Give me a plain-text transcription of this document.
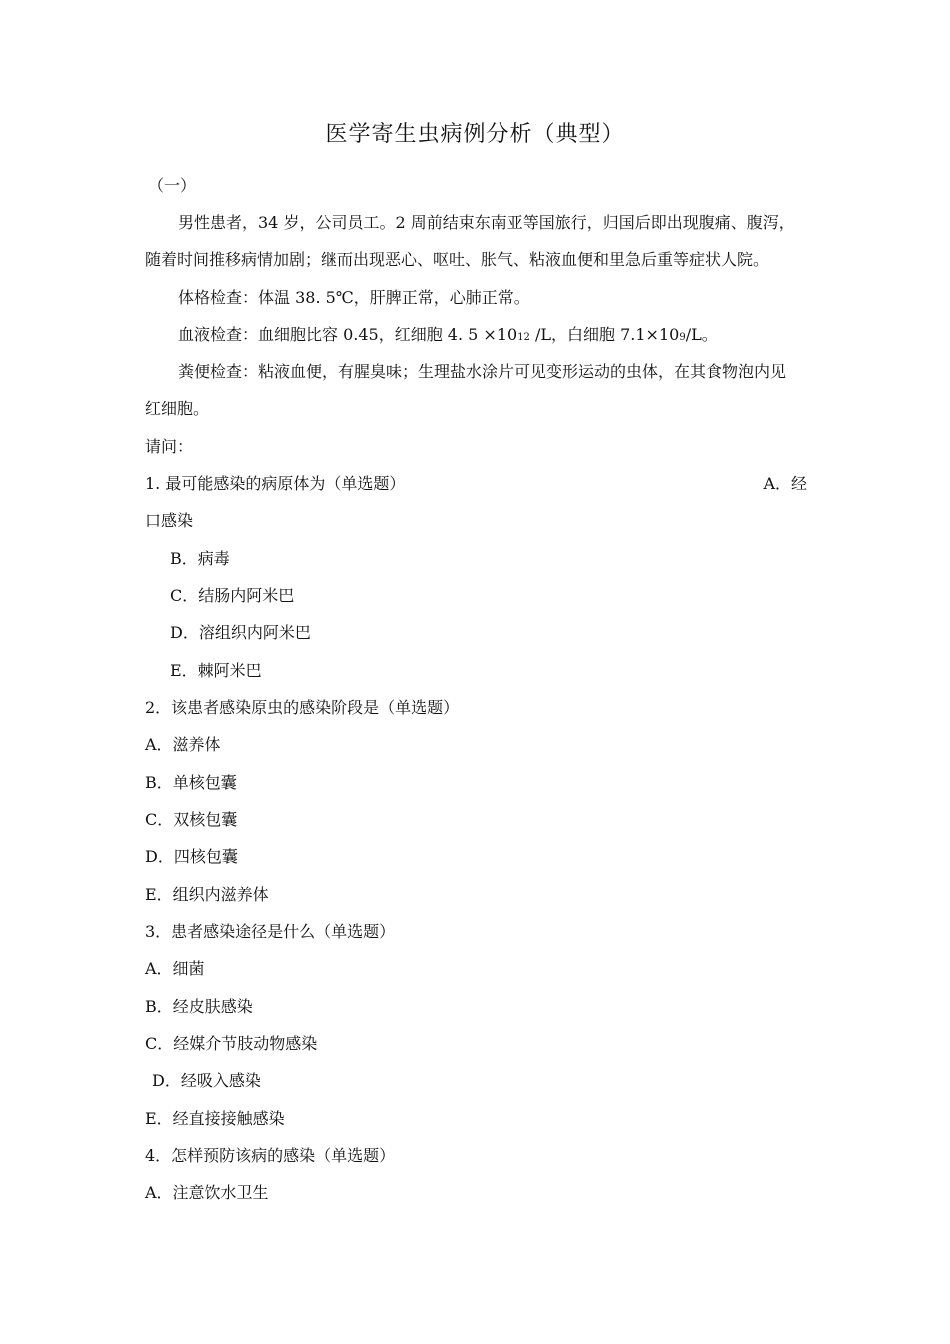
医学寄生虫病例分析（典型）
（一）
男性患者，34 岁，公司员工。2 周前结束东南亚等国旅行，归国后即出现腹痛、腹泻，
随着时间推移病情加剧；继而出现恶心、呕吐、胀气、粘液血便和里急后重等症状人院。
体格检查：体温 38. 5℃，肝脾正常，心肺正常。
血液检查：血细胞比容 0.45，红细胞 4. 5 ×1012 /L，白细胞 7.1×109/L。
粪便检查：粘液血便，有腥臭味；生理盐水涂片可见变形运动的虫体，在其食物泡内见
红细胞。
请问：
1. 最可能感染的病原体为（单选题）	A．经
口感染
B．病毒
C．结肠内阿米巴
D．溶组织内阿米巴
E．棘阿米巴
2．该患者感染原虫的感染阶段是（单选题）
A．滋养体
B．单核包囊
C．双核包囊
D．四核包囊
E．组织内滋养体
3．患者感染途径是什么（单选题）
A．细菌
B．经皮肤感染
C．经媒介节肢动物感染
D．经吸入感染
E．经直接接触感染
4．怎样预防该病的感染（单选题）
A．注意饮水卫生
